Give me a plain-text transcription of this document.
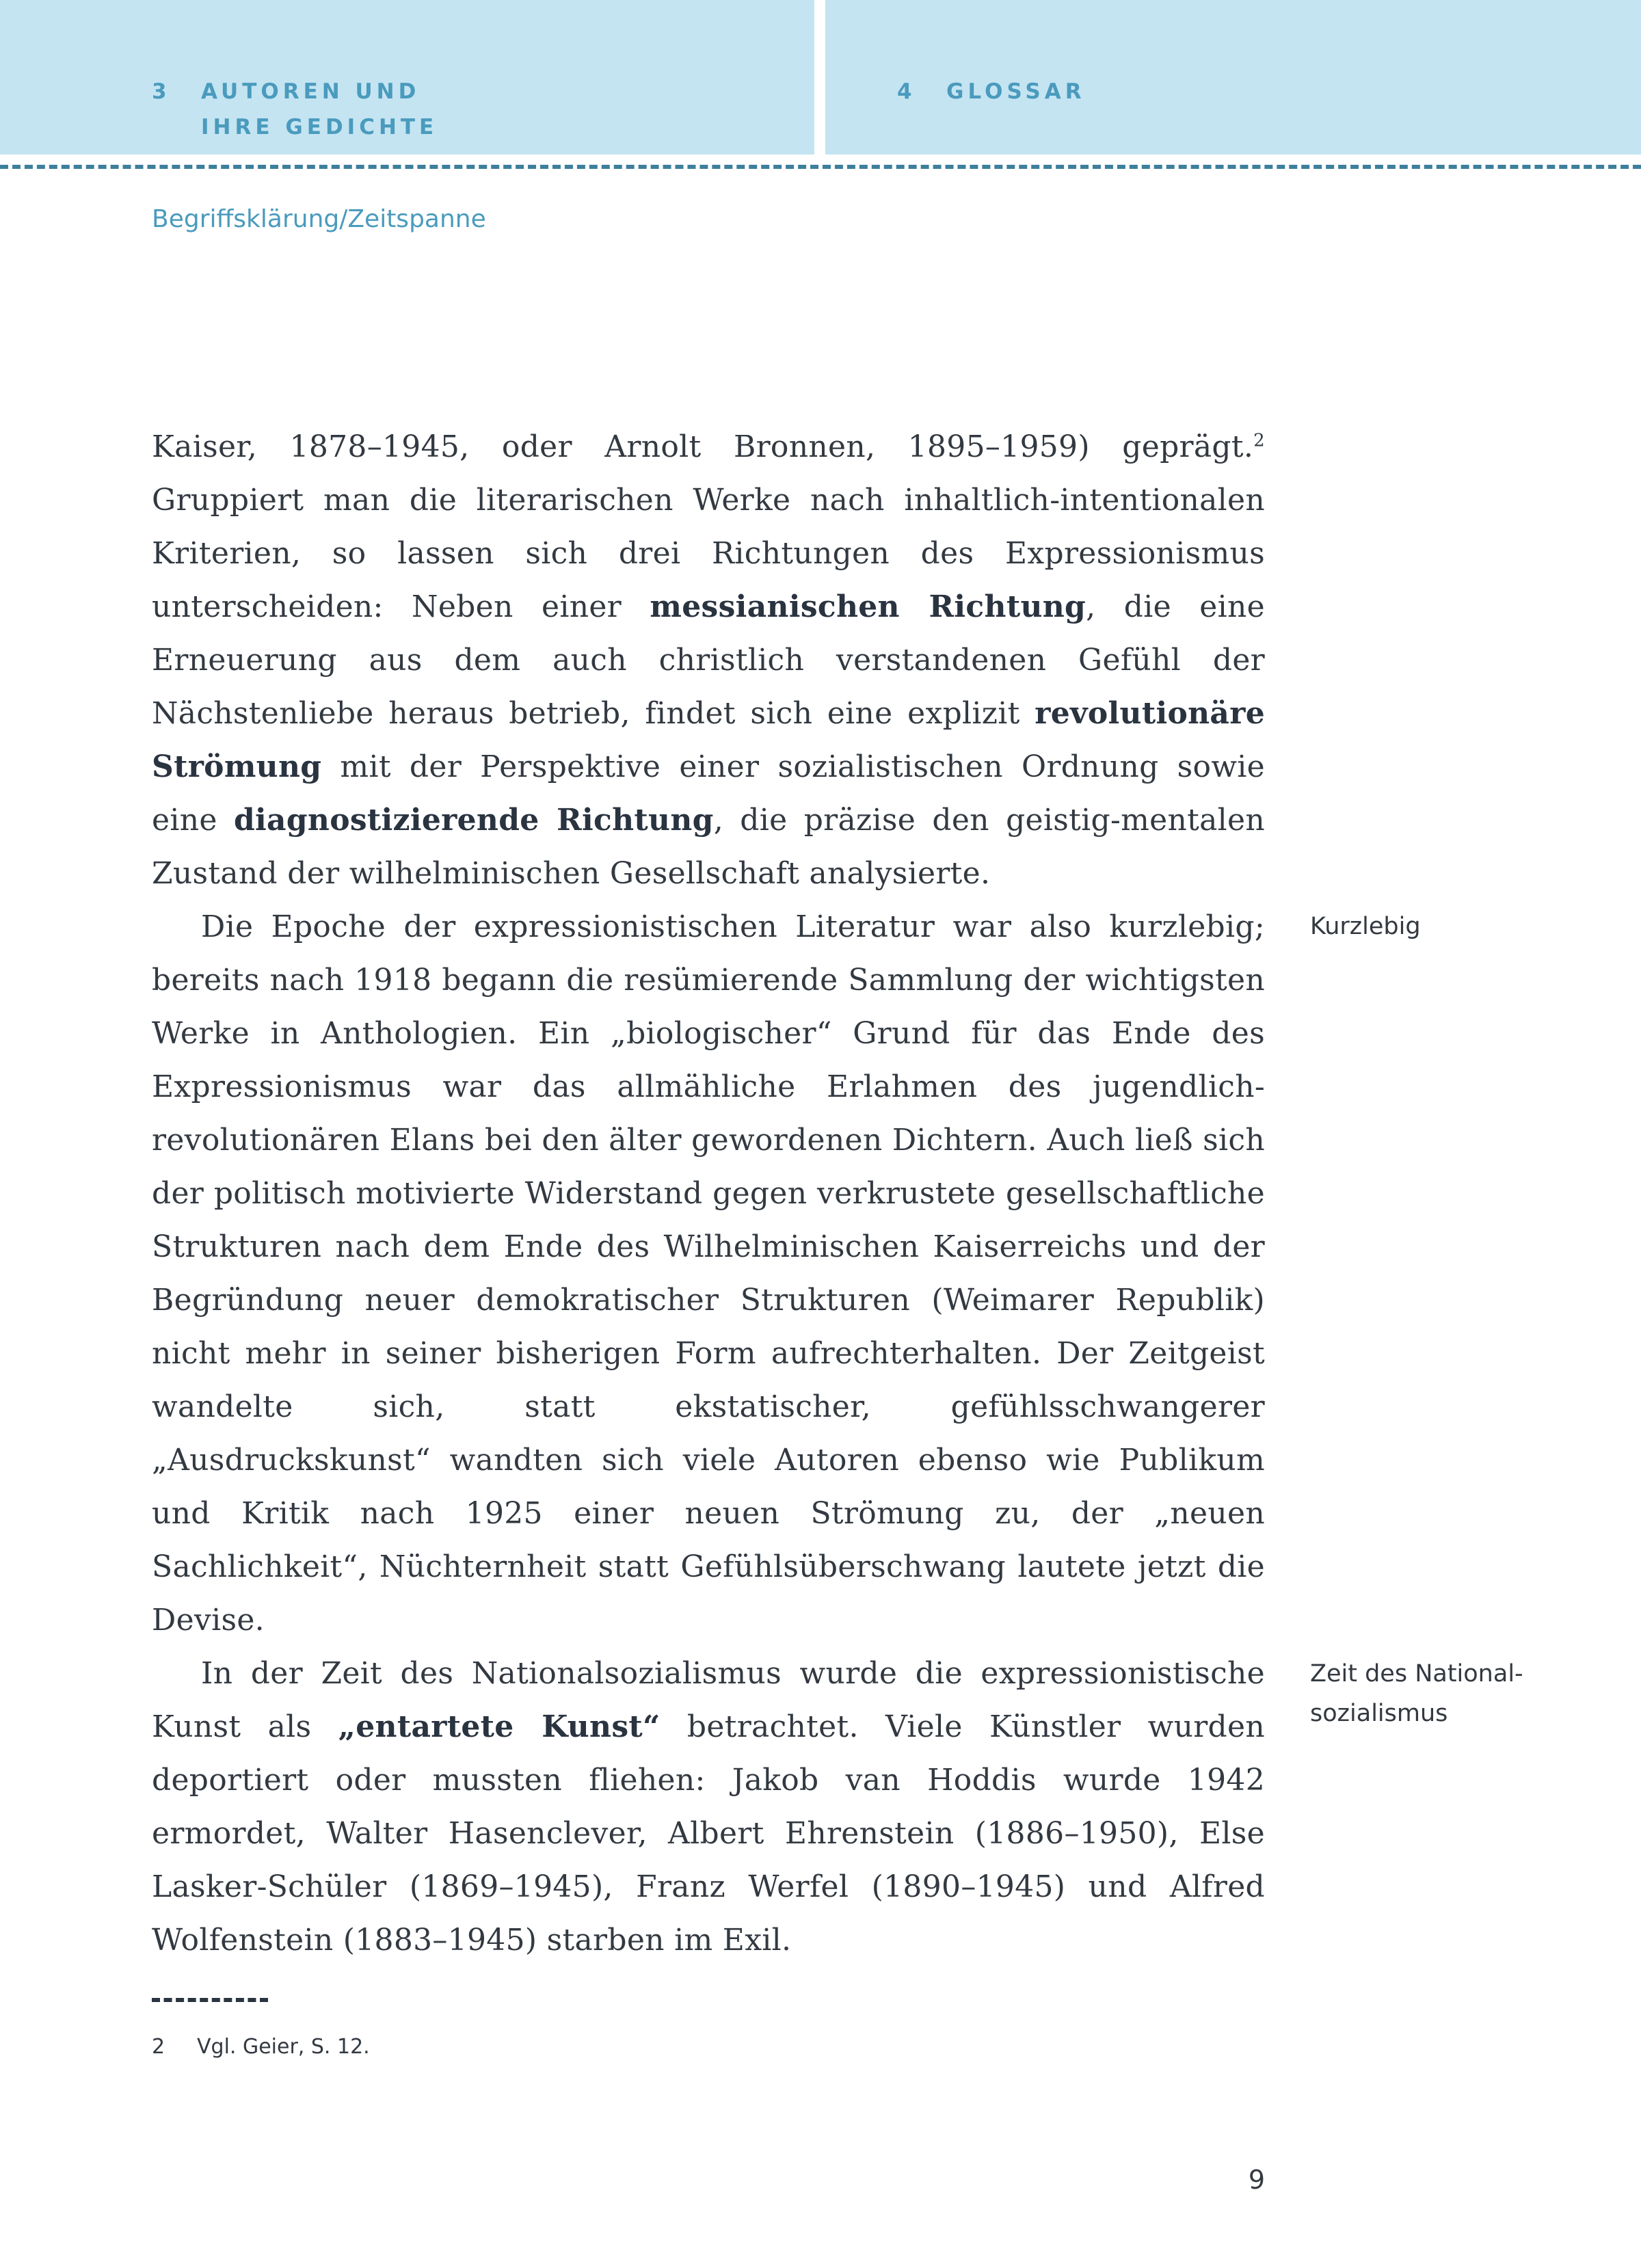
3 AUTOREN UND
IHRE GEDICHTE
4 GLOSSAR
Begriffsklärung/Zeitspanne

Kaiser, 1878–1945, oder Arnolt Bronnen, 1895–1959) geprägt.$^2$ Gruppiert man die literarischen Werke nach inhaltlich-intentionalen Kriterien, so lassen sich drei Richtungen des Expressionismus unterscheiden: Neben einer messianischen Richtung, die eine Erneuerung aus dem auch christlich verstandenen Gefühl der Nächstenliebe heraus betrieb, findet sich eine explizit revolutionäre Strömung mit der Perspektive einer sozialistischen Ordnung sowie eine diagnostizierende Richtung, die präzise den geistig-mentalen Zustand der wilhelminischen Gesellschaft analysierte.

Die Epoche der expressionistischen Literatur war also kurzlebig; bereits nach 1918 begann die resümierende Sammlung der wichtigsten Werke in Anthologien. Ein „biologischer“ Grund für das Ende des Expressionismus war das allmähliche Erlahmen des jugendlich-revolutionären Elans bei den älter gewordenen Dichtern. Auch ließ sich der politisch motivierte Widerstand gegen verkrustete gesellschaftliche Strukturen nach dem Ende des Wilhelminischen Kaiserreichs und der Begründung neuer demokratischer Strukturen (Weimarer Republik) nicht mehr in seiner bisherigen Form aufrechterhalten. Der Zeitgeist wandelte sich, statt ekstatischer, gefühlsschwangerer „Ausdruckskunst“ wandten sich viele Autoren ebenso wie Publikum und Kritik nach 1925 einer neuen Strömung zu, der „neuen Sachlichkeit“, Nüchternheit statt Gefühlsüberschwang lautete jetzt die Devise.

In der Zeit des Nationalsozialismus wurde die expressionistische Kunst als „entartete Kunst“ betrachtet. Viele Künstler wurden deportiert oder mussten fliehen: Jakob van Hoddis wurde 1942 ermordet, Walter Hasenclever, Albert Ehrenstein (1886–1950), Else Lasker-Schüler (1869–1945), Franz Werfel (1890–1945) und Alfred Wolfenstein (1883–1945) starben im Exil.

Kurzlebig
Zeit des National-
sozialismus
2 Vgl. Geier, S. 12.
9
